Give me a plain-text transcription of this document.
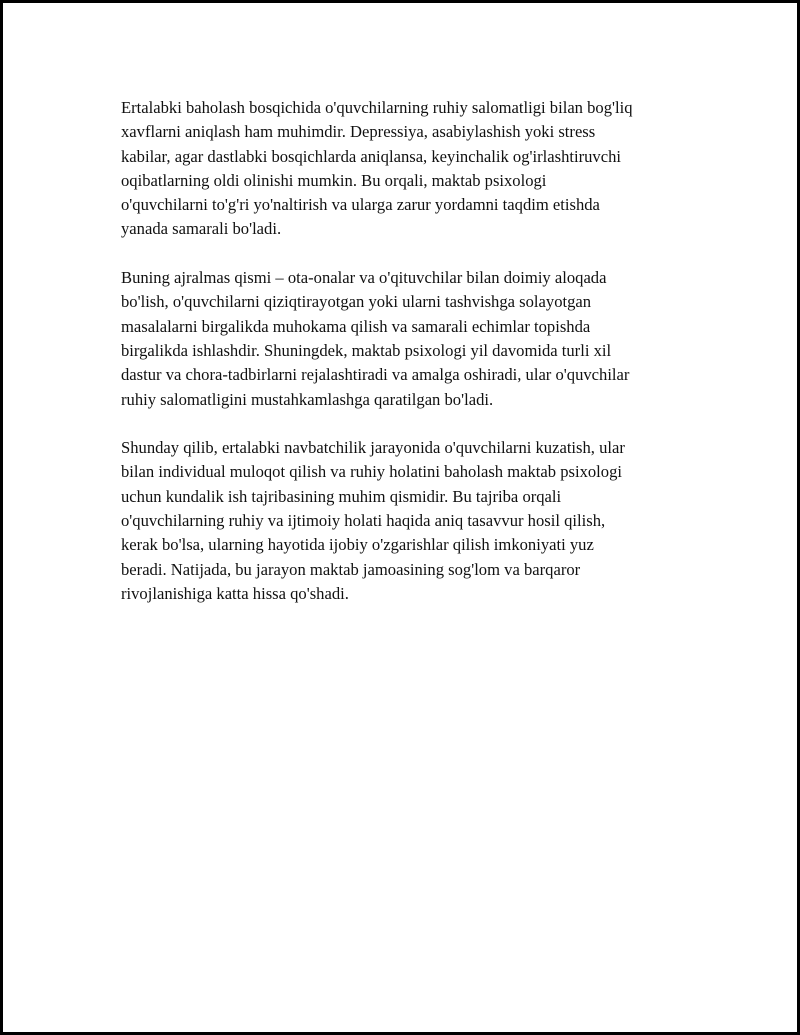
Ertalabki baholash bosqichida o'quvchilarning ruhiy salomatligi bilan bog'liq
xavflarni aniqlash ham muhimdir. Depressiya, asabiylashish yoki stress
kabilar, agar dastlabki bosqichlarda aniqlansa, keyinchalik og'irlashtiruvchi
oqibatlarning oldi olinishi mumkin. Bu orqali, maktab psixologi
o'quvchilarni to'g'ri yo'naltirish va ularga zarur yordamni taqdim etishda
yanada samarali bo'ladi.

Buning ajralmas qismi – ota-onalar va o'qituvchilar bilan doimiy aloqada
bo'lish, o'quvchilarni qiziqtirayotgan yoki ularni tashvishga solayotgan
masalalarni birgalikda muhokama qilish va samarali echimlar topishda
birgalikda ishlashdir. Shuningdek, maktab psixologi yil davomida turli xil
dastur va chora-tadbirlarni rejalashtiradi va amalga oshiradi, ular o'quvchilar
ruhiy salomatligini mustahkamlashga qaratilgan bo'ladi.

Shunday qilib, ertalabki navbatchilik jarayonida o'quvchilarni kuzatish, ular
bilan individual muloqot qilish va ruhiy holatini baholash maktab psixologi
uchun kundalik ish tajribasining muhim qismidir. Bu tajriba orqali
o'quvchilarning ruhiy va ijtimoiy holati haqida aniq tasavvur hosil qilish,
kerak bo'lsa, ularning hayotida ijobiy o'zgarishlar qilish imkoniyati yuz
beradi. Natijada, bu jarayon maktab jamoasining sog'lom va barqaror
rivojlanishiga katta hissa qo'shadi.
